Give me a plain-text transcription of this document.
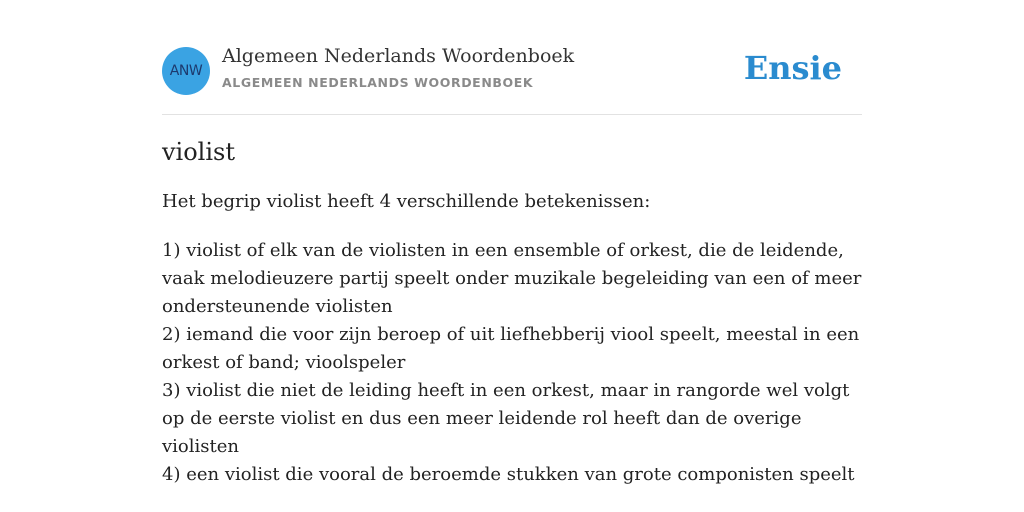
ANW
Algemeen Nederlands Woordenboek
ALGEMEEN NEDERLANDS WOORDENBOEK	Ensie
violist
Het begrip violist heeft 4 verschillende betekenissen:
1) violist of elk van de violisten in een ensemble of orkest, die de leidende, vaak melodieuzere partij speelt onder muzikale begeleiding van een of meer ondersteunende violisten
2) iemand die voor zijn beroep of uit liefhebberij viool speelt, meestal in een orkest of band; vioolspeler
3) violist die niet de leiding heeft in een orkest, maar in rangorde wel volgt op de eerste violist en dus een meer leidende rol heeft dan de overige violisten
4) een violist die vooral de beroemde stukken van grote componisten speelt
